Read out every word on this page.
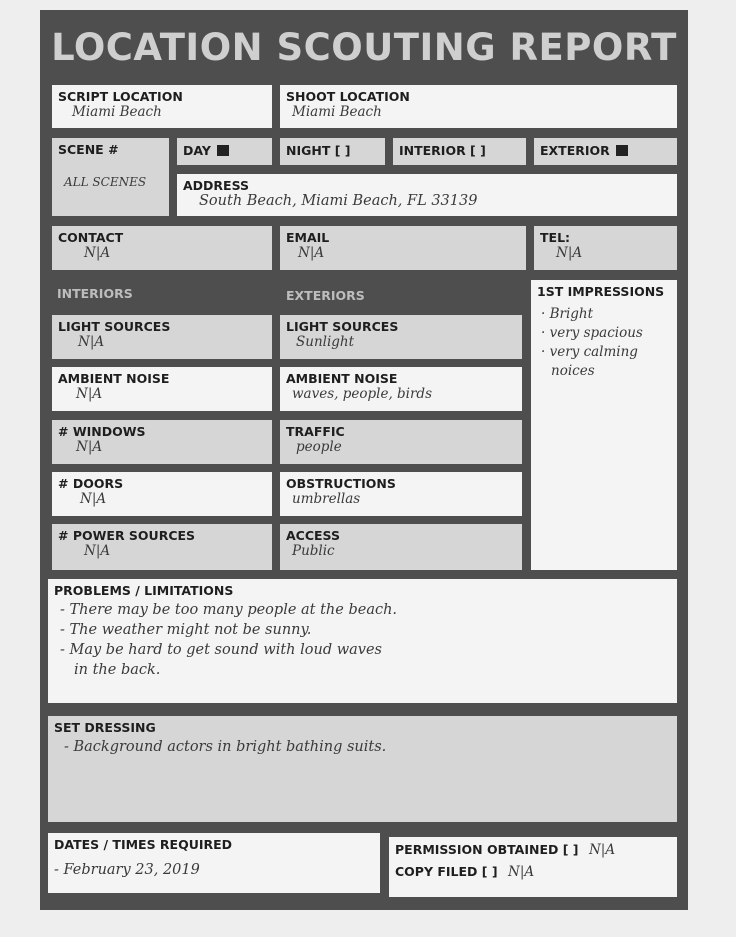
LOCATION SCOUTING REPORT
SCRIPT LOCATION
Miami Beach
SHOOT LOCATION
Miami Beach
SCENE #
ALL SCENES
DAY	NIGHT [ ]	INTERIOR [ ]	EXTERIOR
ADDRESS
South Beach, Miami Beach, FL 33139
CONTACT
N|A
EMAIL
N|A
TEL:
N|A
INTERIORS	EXTERIORS	1ST IMPRESSIONS
· Bright
· very spacious
· very calming
noices
LIGHT SOURCES
N|A
AMBIENT NOISE
N|A
# WINDOWS
N|A
# DOORS
N|A
# POWER SOURCES
N|A
LIGHT SOURCES
Sunlight
AMBIENT NOISE
waves, people, birds
TRAFFIC
people
OBSTRUCTIONS
umbrellas
ACCESS
Public
PROBLEMS / LIMITATIONS
- There may be too many people at the beach.
- The weather might not be sunny.
- May be hard to get sound with loud waves
in the back.
SET DRESSING
- Background actors in bright bathing suits.
DATES / TIMES REQUIRED
- February 23, 2019
PERMISSION OBTAINED [ ] N|A
COPY FILED [ ] N|A
